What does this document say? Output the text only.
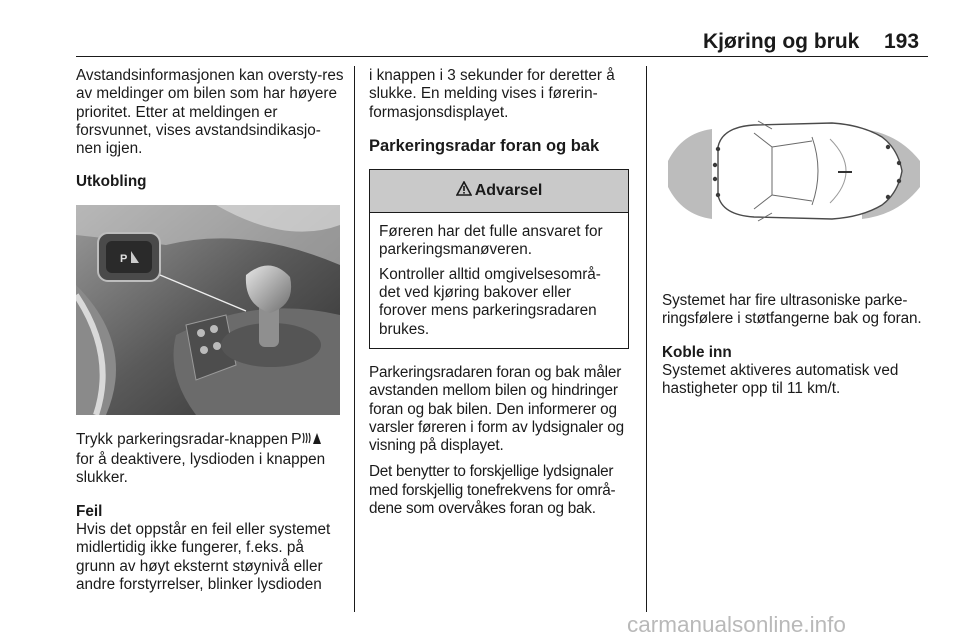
Kjøring og bruk 193

Avstandsinformasjonen kan oversty-res av meldinger om bilen som har høyere prioritet. Etter at meldingen er forsvunnet, vises avstandsindikasjo-nen igjen.

Utkobling

P

Trykk parkeringsradar-knappen P

for å deaktivere, lysdioden i knappen slukker.

Feil

Hvis det oppstår en feil eller systemet midlertidig ikke fungerer, f.eks. på grunn av høyt eksternt støynivå eller andre forstyrrelser, blinker lysdioden

i knappen i 3 sekunder for deretter å slukke. En melding vises i førerin-formasjonsdisplayet.

Parkeringsradar foran og bak

Advarsel

Føreren har det fulle ansvaret for parkeringsmanøveren.

Kontroller alltid omgivelsesområ-det ved kjøring bakover eller forover mens parkeringsradaren brukes.

Parkeringsradaren foran og bak måler avstanden mellom bilen og hindringer foran og bak bilen. Den informerer og varsler føreren i form av lydsignaler og visning på displayet.

Det benytter to forskjellige lydsignaler med forskjellig tonefrekvens for områ-dene som overvåkes foran og bak.

Systemet har fire ultrasoniske parke-ringsfølere i støtfangerne bak og foran.

Koble inn

Systemet aktiveres automatisk ved hastigheter opp til 11 km/t.

carmanualsonline.info
